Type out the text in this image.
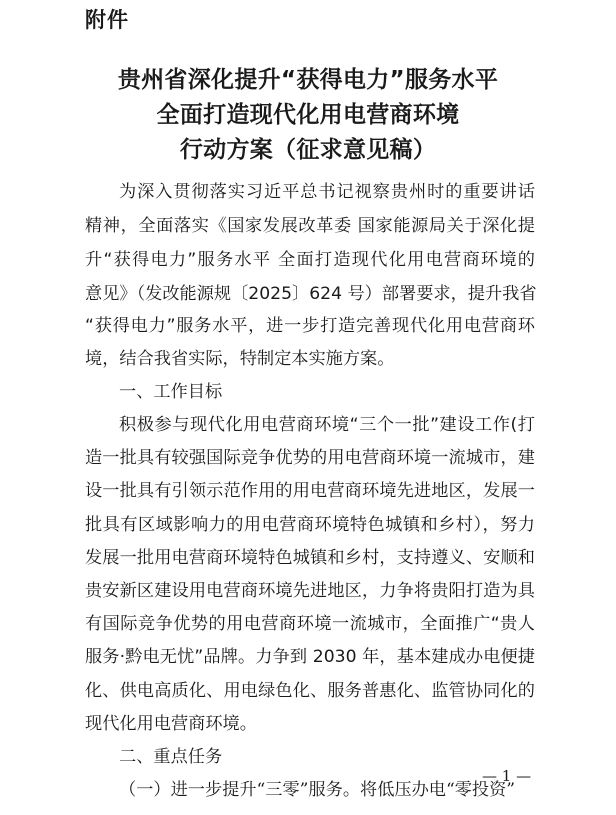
附件
贵州省深化提升“获得电力”服务水平
全面打造现代化用电营商环境
行动方案（征求意见稿）
为深入贯彻落实习近平总书记视察贵州时的重要讲话
精神，全面落实《国家发展改革委 国家能源局关于深化提
升“获得电力”服务水平 全面打造现代化用电营商环境的
意见》（发改能源规〔2025〕624 号）部署要求，提升我省
“获得电力”服务水平，进一步打造完善现代化用电营商环
境，结合我省实际，特制定本实施方案。
一、工作目标
积极参与现代化用电营商环境“三个一批”建设工作(打
造一批具有较强国际竞争优势的用电营商环境一流城市，建
设一批具有引领示范作用的用电营商环境先进地区，发展一
批具有区域影响力的用电营商环境特色城镇和乡村），努力
发展一批用电营商环境特色城镇和乡村，支持遵义、安顺和
贵安新区建设用电营商环境先进地区，力争将贵阳打造为具
有国际竞争优势的用电营商环境一流城市，全面推广“贵人
服务·黔电无忧”品牌。力争到 2030 年，基本建成办电便捷
化、供电高质化、用电绿色化、服务普惠化、监管协同化的
现代化用电营商环境。
二、重点任务
— 1 —
（一）进一步提升“三零”服务。将低压办电“零投资”
